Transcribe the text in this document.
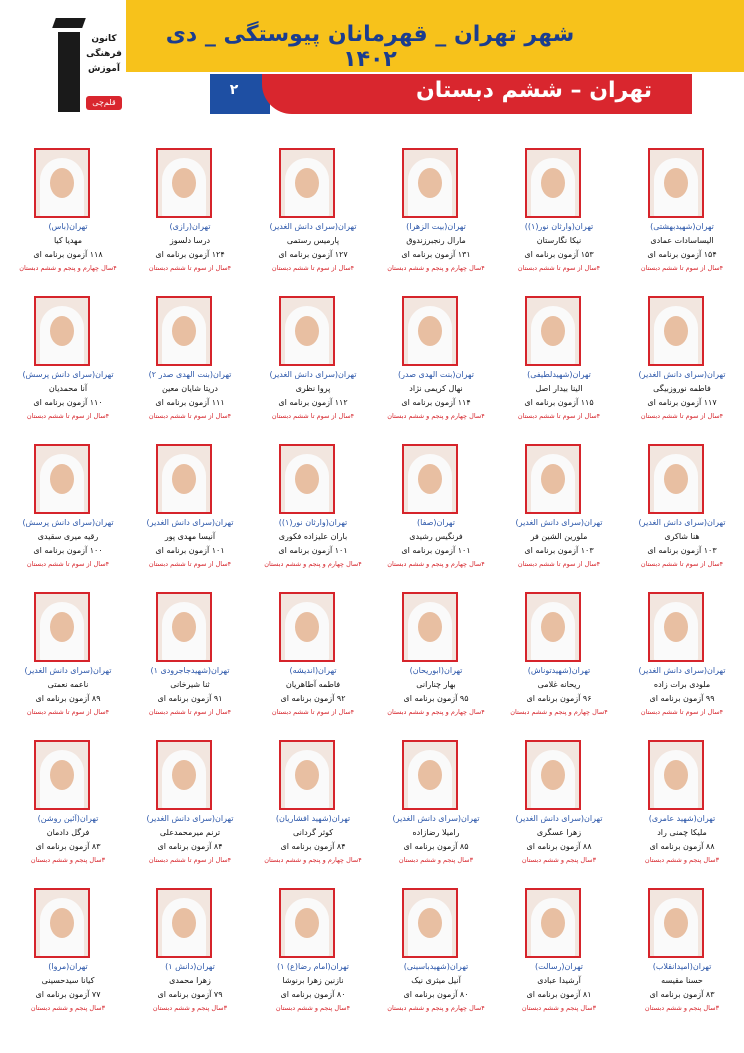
شهر تهران _ قهرمانان پیوستگی _ دی ۱۴۰۲
۲	تهران – ششم دبستان
کانون
فرهنگی
آموزش
قلم‌چی
تهران(شهیدبهشتی)
الیساسادات عمادی
۱۵۴ آزمون برنامه ای
۴سال از سوم تا ششم دبستان
تهران(وارثان نور(۱))
نیکا نگارستان
۱۵۳ آزمون برنامه ای
۴سال از سوم تا ششم دبستان
تهران(بیت الزهرا)
مارال رنجبرزندوق
۱۳۱ آزمون برنامه ای
۴سال چهارم و پنجم و ششم دبستان
تهران(سرای دانش الغدیر)
پارمیس رستمی
۱۲۷ آزمون برنامه ای
۴سال از سوم تا ششم دبستان
تهران(رازی)
درسا دلسوز
۱۲۴ آزمون برنامه ای
۴سال از سوم تا ششم دبستان
تهران(باس)
مهدیا کیا
۱۱۸ آزمون برنامه ای
۴سال چهارم و پنجم و ششم دبستان
تهران(سرای دانش الغدیر)
فاطمه نوروزبیگی
۱۱۷ آزمون برنامه ای
۴سال از سوم تا ششم دبستان
تهران(شهیدلطیفی)
الینا بیدار اصل
۱۱۵ آزمون برنامه ای
۴سال از سوم تا ششم دبستان
تهران(بنت الهدی صدر)
نهال کریمی نژاد
۱۱۴ آزمون برنامه ای
۴سال چهارم و پنجم و ششم دبستان
تهران(سرای دانش الغدیر)
پروا نظری
۱۱۲ آزمون برنامه ای
۴سال از سوم تا ششم دبستان
تهران(بنت الهدی صدر ۲)
دریتا شایان معین
۱۱۱ آزمون برنامه ای
۴سال از سوم تا ششم دبستان
تهران(سرای دانش پرسش)
آنا محمدیان
۱۱۰ آزمون برنامه ای
۴سال از سوم تا ششم دبستان
تهران(سرای دانش الغدیر)
هنا شاکری
۱۰۳ آزمون برنامه ای
۴سال از سوم تا ششم دبستان
تهران(سرای دانش الغدیر)
ملورین الشین فر
۱۰۳ آزمون برنامه ای
۴سال از سوم تا ششم دبستان
تهران(صفا)
فرنگیس رشیدی
۱۰۱ آزمون برنامه ای
۴سال چهارم و پنجم و ششم دبستان
تهران(وارثان نور(۱))
باران علیزاده فکوری
۱۰۱ آزمون برنامه ای
۴سال چهارم و پنجم و ششم دبستان
تهران(سرای دانش الغدیر)
آنیسا مهدی پور
۱۰۱ آزمون برنامه ای
۴سال از سوم تا ششم دبستان
تهران(سرای دانش پرسش)
رقیه میری سقیدی
۱۰۰ آزمون برنامه ای
۴سال از سوم تا ششم دبستان
تهران(سرای دانش الغدیر)
ملودی برات زاده
۹۹ آزمون برنامه ای
۴سال از سوم تا ششم دبستان
تهران(شهیدتوناش)
ریحانه غلامی
۹۶ آزمون برنامه ای
۴سال چهارم و پنجم و ششم دبستان
تهران(ابوریحان)
بهار چنارانی
۹۵ آزمون برنامه ای
۴سال چهارم و پنجم و ششم دبستان
تهران(اندیشه)
فاطمه آطاهریان
۹۲ آزمون برنامه ای
۴سال از سوم تا ششم دبستان
تهران(شهیدجاجرودی ۱)
ثنا شیرخانی
۹۱ آزمون برنامه ای
۴سال از سوم تا ششم دبستان
تهران(سرای دانش الغدیر)
ناعمه نعمتی
۸۹ آزمون برنامه ای
۴سال از سوم تا ششم دبستان
تهران(شهید عامری)
ملیکا چمنی راد
۸۸ آزمون برنامه ای
۳سال پنجم و ششم دبستان
تهران(سرای دانش الغدیر)
زهرا عسگری
۸۸ آزمون برنامه ای
۳سال پنجم و ششم دبستان
تهران(سرای دانش الغدیر)
رامیلا رضازاده
۸۵ آزمون برنامه ای
۳سال پنجم و ششم دبستان
تهران(شهید افشاریان)
کوثر گردانی
۸۴ آزمون برنامه ای
۴سال چهارم و پنجم و ششم دبستان
تهران(سرای دانش الغدیر)
ترنم میرمحمدعلی
۸۴ آزمون برنامه ای
۴سال از سوم تا ششم دبستان
تهران(آئین روشن)
فرگل دادمان
۸۳ آزمون برنامه ای
۳سال پنجم و ششم دبستان
تهران(امیدانقلاب)
حسنا مقیسه
۸۳ آزمون برنامه ای
۳سال پنجم و ششم دبستان
تهران(رسالت)
آرشیدا عبادی
۸۱ آزمون برنامه ای
۳سال پنجم و ششم دبستان
تهران(شهیدباسینی)
آنیل میثری نیک
۸۰ آزمون برنامه ای
۴سال چهارم و پنجم و ششم دبستان
تهران(امام رضا(ع) ۱)
نازنین زهرا برنوشا
۸۰ آزمون برنامه ای
۴سال پنجم و ششم دبستان
تهران(دانش ۱)
زهرا محمدی
۷۹ آزمون برنامه ای
۳سال پنجم و ششم دبستان
تهران(مروا)
کیانا سیدحسینی
۷۷ آزمون برنامه ای
۳سال پنجم و ششم دبستان
